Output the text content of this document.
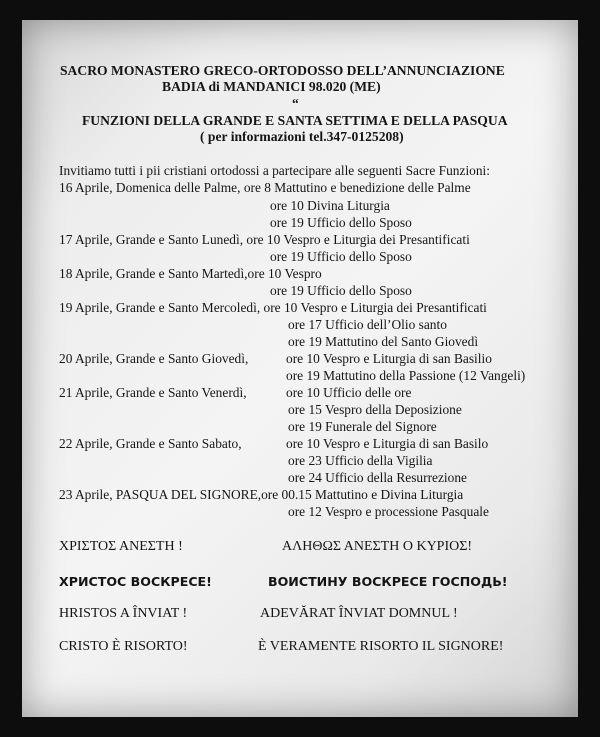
SACRO MONASTERO GRECO-ORTODOSSO DELL’ANNUNCIAZIONE
BADIA di MANDANICI 98.020 (ME)
“
FUNZIONI DELLA GRANDE E SANTA SETTIMA E DELLA PASQUA
( per informazioni tel.347-0125208)
Invitiamo tutti i pii cristiani ortodossi a partecipare alle seguenti Sacre Funzioni:
16 Aprile, Domenica delle Palme, ore 8 Mattutino e benedizione delle Palme
ore 10 Divina Liturgia
ore 19 Ufficio dello Sposo
17 Aprile, Grande e Santo Lunedì, ore 10 Vespro e Liturgia dei Presantificati
ore 19 Ufficio dello Sposo
18 Aprile, Grande e Santo Martedì,ore 10 Vespro
ore 19 Ufficio dello Sposo
19 Aprile, Grande e Santo Mercoledì, ore 10 Vespro e Liturgia dei Presantificati
ore 17 Ufficio dell’Olio santo
ore 19 Mattutino del Santo Giovedì
20 Aprile, Grande e Santo Giovedì,	ore 10 Vespro e Liturgia di san Basilio
ore 19 Mattutino della Passione (12 Vangeli)
21 Aprile, Grande e Santo Venerdì,	ore 10 Ufficio delle ore
ore 15 Vespro della Deposizione
ore 19 Funerale del Signore
22 Aprile, Grande e Santo Sabato,	ore 10 Vespro e Liturgia di san Basilo
ore 23 Ufficio della Vigilia
ore 24 Ufficio della Resurrezione
23 Aprile, PASQUA DEL SIGNORE,ore 00.15 Mattutino e Divina Liturgia
ore 12 Vespro e processione Pasquale
ΧΡΙΣΤΟΣ ΑΝΕΣΤΗ !	ΑΛΗΘΩΣ ΑΝΕΣΤΗ Ο ΚΥΡΙΟΣ!
ХРИСТОС ВОСКРЕСЕ!	ВОИСТИНУ ВОСКРЕСЕ ГОСПОДЬ!
HRISTOS A ÎNVIAT !	ADEVĂRAT ÎNVIAT DOMNUL !
CRISTO È RISORTO!	È VERAMENTE RISORTO IL SIGNORE!
